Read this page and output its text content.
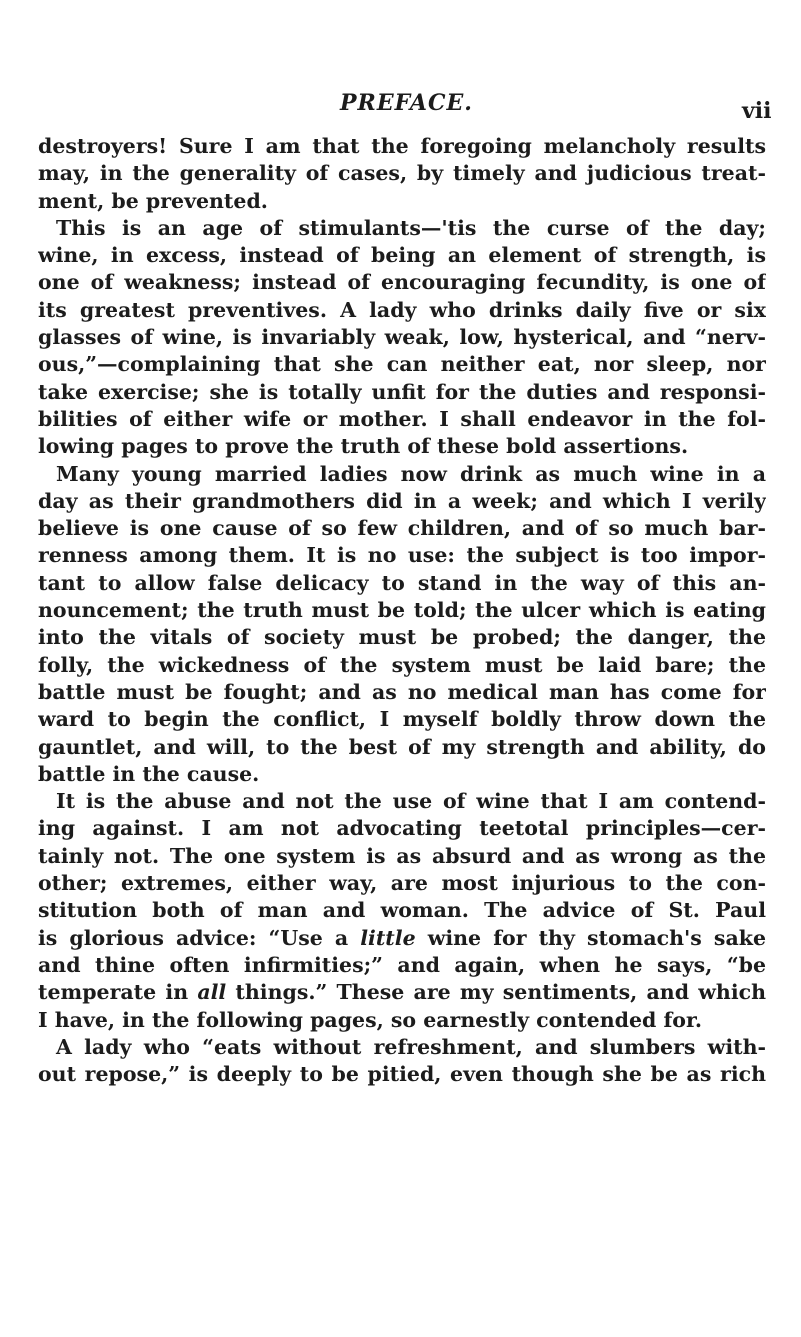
PREFACE.	vii
destroyers! Sure I am that the foregoing melancholy results
may, in the generality of cases, by timely and judicious treat-
ment, be prevented.
This is an age of stimulants—'tis the curse of the day;
wine, in excess, instead of being an element of strength, is
one of weakness; instead of encouraging fecundity, is one of
its greatest preventives. A lady who drinks daily five or six
glasses of wine, is invariably weak, low, hysterical, and “nerv-
ous,”—complaining that she can neither eat, nor sleep, nor
take exercise; she is totally unfit for the duties and responsi-
bilities of either wife or mother. I shall endeavor in the fol-
lowing pages to prove the truth of these bold assertions.
Many young married ladies now drink as much wine in a
day as their grandmothers did in a week; and which I verily
believe is one cause of so few children, and of so much bar-
renness among them. It is no use: the subject is too impor-
tant to allow false delicacy to stand in the way of this an-
nouncement; the truth must be told; the ulcer which is eating
into the vitals of society must be probed; the danger, the
folly, the wickedness of the system must be laid bare; the
battle must be fought; and as no medical man has come for
ward to begin the conflict, I myself boldly throw down the
gauntlet, and will, to the best of my strength and ability, do
battle in the cause.
It is the abuse and not the use of wine that I am contend-
ing against. I am not advocating teetotal principles—cer-
tainly not. The one system is as absurd and as wrong as the
other; extremes, either way, are most injurious to the con-
stitution both of man and woman. The advice of St. Paul
is glorious advice: “Use a little wine for thy stomach's sake
and thine often infirmities;” and again, when he says, “be
temperate in all things.” These are my sentiments, and which
I have, in the following pages, so earnestly contended for.
A lady who “eats without refreshment, and slumbers with-
out repose,” is deeply to be pitied, even though she be as rich
